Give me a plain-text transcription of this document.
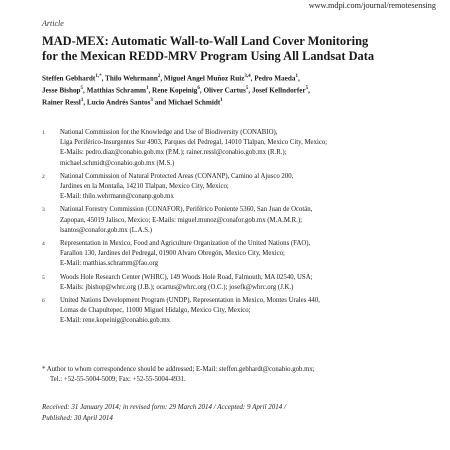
www.mdpi.com/journal/remotesensing
Article
MAD-MEX: Automatic Wall-to-Wall Land Cover Monitoring
for the Mexican REDD-MRV Program Using All Landsat Data
Steffen Gebhardt$^{1,*}$, Thilo Wehrmann$^2$, Miguel Angel Muñoz Ruiz$^{3,4}$, Pedro Maeda$^1$,
Jesse Bishop$^5$, Matthias Schramm$^1$, Rene Kopeinig$^6$, Oliver Cartus$^5$, Josef Kellndorfer$^5$,
Rainer Ressl$^1$, Lucio Andrés Santos$^3$ and Michael Schmidt$^1$
1 National Commission for the Knowledge and Use of Biodiversity (CONABIO),
Liga Periférico-Insurgentes Sur 4903, Parques del Pedregal, 14010 Tlalpan, Mexico City, Mexico;
E-Mails: pedro.diaz@conabio.gob.mx (P.M.); rainer.ressl@conabio.gob.mx (R.R.);
michael.schmidt@conabio.gob.mx (M.S.)
2 National Commission of Natural Protected Areas (CONANP), Camino al Ajusco 200,
Jardines en la Montaña, 14210 Tlalpan, Mexico City, Mexico;
E-Mail: thilo.wehrmann@conanp.gob.mx
3 National Forestry Commission (CONAFOR), Periférico Poniente 5360, San Juan de Ocotán,
Zapopan, 45019 Jalisco, Mexico; E-Mails: miguel.munoz@conafor.gob.mx (M.A.M.R.);
lsantos@conafor.gob.mx (L.A.S.)
4 Representation in Mexico, Food and Agriculture Organization of the United Nations (FAO),
Farallon 130, Jardines del Pedregal, 01900 Alvaro Obregón, Mexico City, Mexico;
E-Mail: matthias.schramm@fao.org
5 Woods Hole Research Center (WHRC), 149 Woods Hole Road, Falmouth, MA 02540, USA;
E-Mails: jbishop@whrc.org (J.B.); ocartus@whrc.org (O.C.); josefk@whrc.org (J.K.)
6 United Nations Development Program (UNDP), Representation in Mexico, Montes Urales 440,
Lomas de Chapultepec, 11000 Miguel Hidalgo, Mexico City, Mexico;
E-Mail: rene.kopeinig@conabio.gob.mx
* Author to whom correspondence should be addressed; E-Mail: steffen.gebhardt@conabio.gob.mx;
Tel.: +52-55-5004-5009; Fax: +52-55-5004-4931.
Received: 31 January 2014; in revised form: 29 March 2014 / Accepted: 9 April 2014 /
Published: 30 April 2014
